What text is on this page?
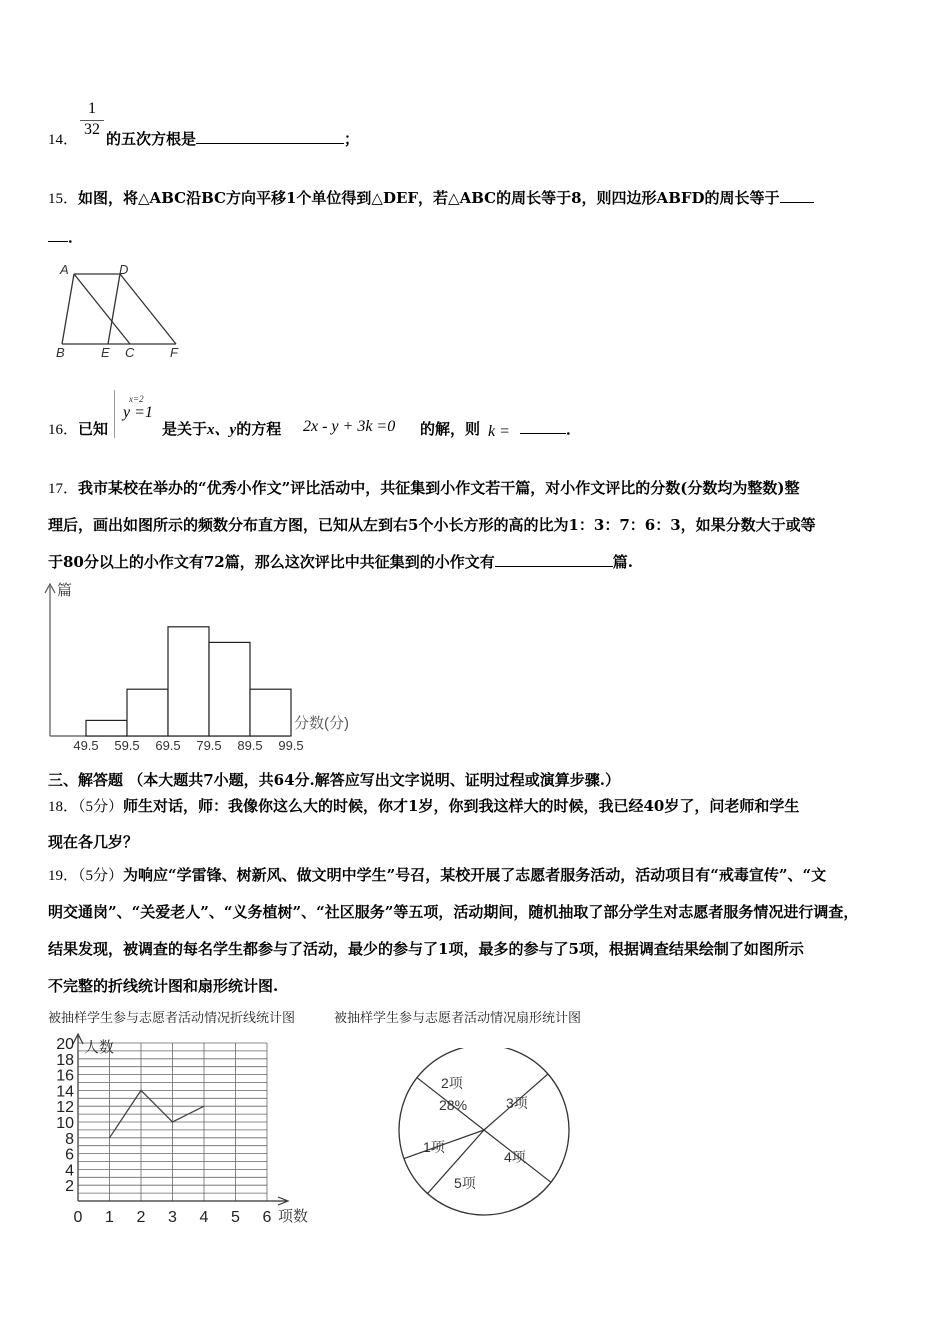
14．
1
32
的五次方根是	；
15．如图，将△ABC沿BC方向平移1个单位得到△DEF，若△ABC的周长等于8，则四边形ABFD的周长等于
．
A	D
B	E C	F
16．已知
x=2
y =1
是关于x、y的方程 2x - y + 3k =0 的解，则 k =	．
17．我市某校在举办的“优秀小作文”评比活动中，共征集到小作文若干篇，对小作文评比的分数(分数均为整数)整
理后，画出如图所示的频数分布直方图，已知从左到右5个小长方形的高的比为1：3：7：6：3，如果分数大于或等
于80分以上的小作文有72篇，那么这次评比中共征集到的小作文有	篇.
篇
分数(分)
49.5 59.5 69.5 79.5 89.5 99.5
三、解答题 （本大题共7小题，共64分.解答应写出文字说明、证明过程或演算步骤.）
18．（5分）师生对话，师：我像你这么大的时候，你才1岁，你到我这样大的时候，我已经40岁了，问老师和学生
现在各几岁？
19．（5分）为响应“学雷锋、树新风、做文明中学生”号召，某校开展了志愿者服务活动，活动项目有“戒毒宣传”、“文
明交通岗”、“关爱老人”、“义务植树”、“社区服务”等五项，活动期间，随机抽取了部分学生对志愿者服务情况进行调查，
结果发现，被调查的每名学生都参与了活动，最少的参与了1项，最多的参与了5项，根据调查结果绘制了如图所示
不完整的折线统计图和扇形统计图.
被抽样学生参与志愿者活动情况折线统计图	被抽样学生参与志愿者活动情况扇形统计图
人数
项数
0 1 2 3 4 5 6
2
4
6
8
10
12
14
16
18
20
2项
28%	3项
4项
5项
1项
